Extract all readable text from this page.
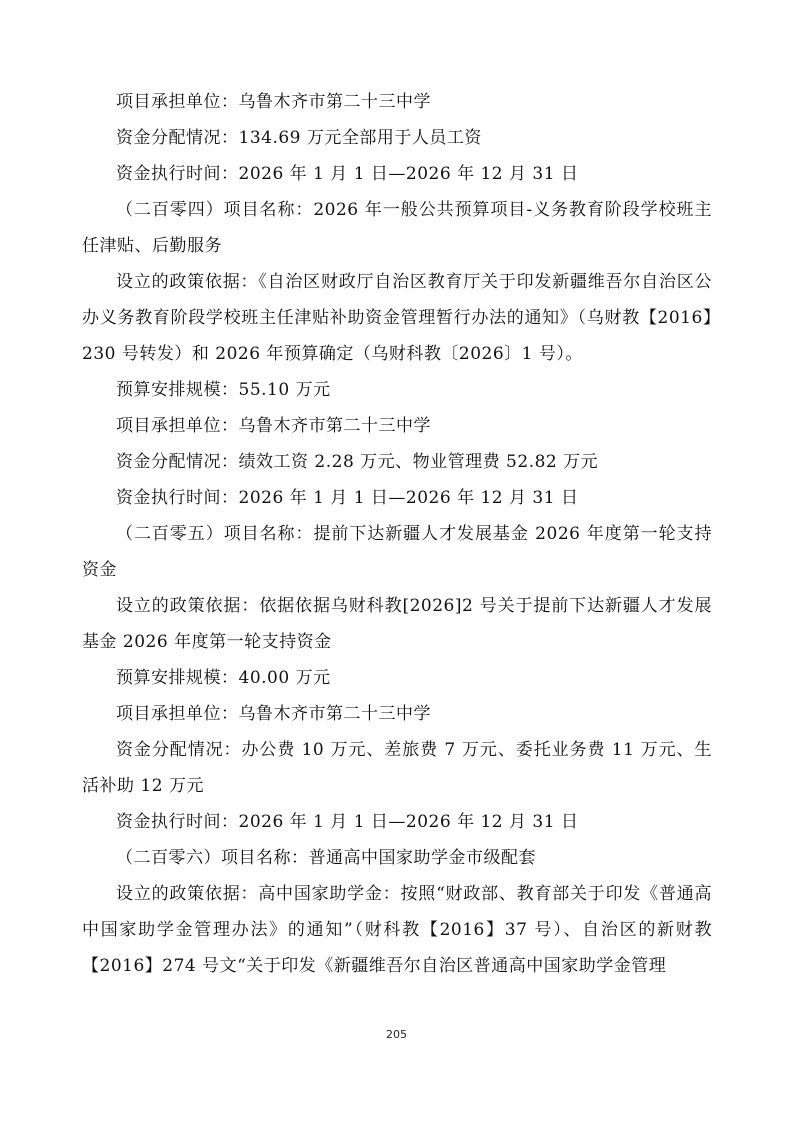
项目承担单位：乌鲁木齐市第二十三中学

资金分配情况：134.69 万元全部用于人员工资

资金执行时间：2026 年 1 月 1 日—2026 年 12 月 31 日

（二百零四）项目名称：2026 年一般公共预算项目-义务教育阶段学校班主任津贴、后勤服务

设立的政策依据：《自治区财政厅自治区教育厅关于印发新疆维吾尔自治区公办义务教育阶段学校班主任津贴补助资金管理暂行办法的通知》（乌财教【2016】230 号转发）和 2026 年预算确定（乌财科教〔2026〕1 号）。

预算安排规模：55.10 万元

项目承担单位：乌鲁木齐市第二十三中学

资金分配情况：绩效工资 2.28 万元、物业管理费 52.82 万元

资金执行时间：2026 年 1 月 1 日—2026 年 12 月 31 日

（二百零五）项目名称：提前下达新疆人才发展基金 2026 年度第一轮支持资金

设立的政策依据：依据依据乌财科教[2026]2 号关于提前下达新疆人才发展基金 2026 年度第一轮支持资金

预算安排规模：40.00 万元

项目承担单位：乌鲁木齐市第二十三中学

资金分配情况：办公费 10 万元、差旅费 7 万元、委托业务费 11 万元、生活补助 12 万元

资金执行时间：2026 年 1 月 1 日—2026 年 12 月 31 日

（二百零六）项目名称：普通高中国家助学金市级配套

设立的政策依据：高中国家助学金：按照“财政部、教育部关于印发《普通高中国家助学金管理办法》的通知”（财科教【2016】37 号）、自治区的新财教【2016】274 号文“关于印发《新疆维吾尔自治区普通高中国家助学金管理

205
